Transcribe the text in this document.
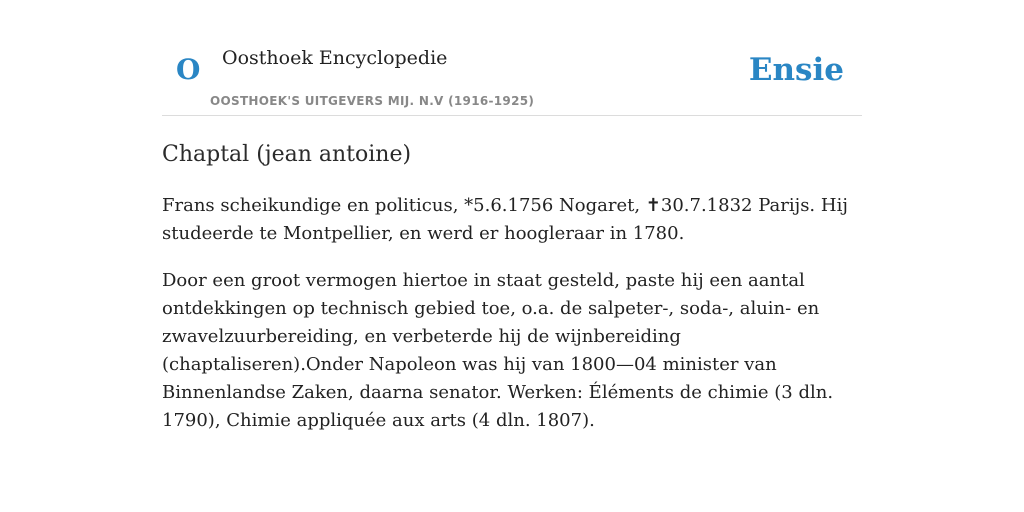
O Oosthoek Encyclopedie
OOSTHOEK'S UITGEVERS MIJ. N.V (1916-1925)
Ensie
Chaptal (jean antoine)

Frans scheikundige en politicus, *5.6.1756 Nogaret, ✝30.7.1832 Parijs. Hij studeerde te Montpellier, en werd er hoogleraar in 1780.

Door een groot vermogen hiertoe in staat gesteld, paste hij een aantal ontdekkingen op technisch gebied toe, o.a. de salpeter-, soda-, aluin- en zwavelzuurbereiding, en verbeterde hij de wijnbereiding (chaptaliseren).Onder Napoleon was hij van 1800—04 minister van Binnenlandse Zaken, daarna senator. Werken: Éléments de chimie (3 dln. 1790), Chimie appliquée aux arts (4 dln. 1807).
